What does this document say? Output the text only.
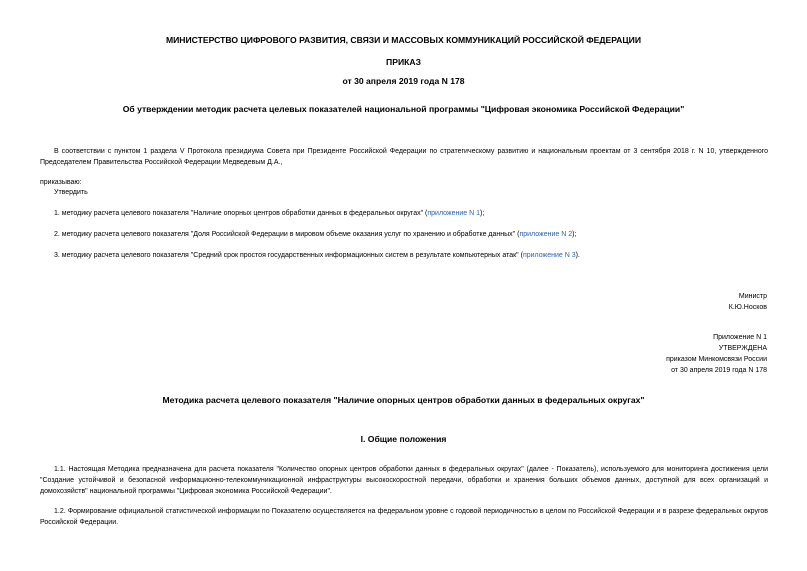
МИНИСТЕРСТВО ЦИФРОВОГО РАЗВИТИЯ, СВЯЗИ И МАССОВЫХ КОММУНИКАЦИЙ РОССИЙСКОЙ ФЕДЕРАЦИИ
ПРИКАЗ
от 30 апреля 2019 года N 178
Об утверждении методик расчета целевых показателей национальной программы "Цифровая экономика Российской Федерации"
В соответствии с пунктом 1 раздела V Протокола президиума Совета при Президенте Российской Федерации по стратегическому развитию и национальным проектам от 3 сентября 2018 г. N 10, утвержденного Председателем Правительства Российской Федерации Медведевым Д.А.,
приказываю:
Утвердить
1. методику расчета целевого показателя "Наличие опорных центров обработки данных в федеральных округах" (приложение N 1);
2. методику расчета целевого показателя "Доля Российской Федерации в мировом объеме оказания услуг по хранению и обработке данных" (приложение N 2);
3. методику расчета целевого показателя "Средний срок простоя государственных информационных систем в результате компьютерных атак" (приложение N 3).
Министр
К.Ю.Носков
Приложение N 1
УТВЕРЖДЕНА
приказом Минкомсвязи России
от 30 апреля 2019 года N 178
Методика расчета целевого показателя "Наличие опорных центров обработки данных в федеральных округах"
I. Общие положения
1.1. Настоящая Методика предназначена для расчета показателя "Количество опорных центров обработки данных в федеральных округах" (далее - Показатель), используемого для мониторинга достижения цели "Создание устойчивой и безопасной информационно-телекоммуникационной инфраструктуры высокоскоростной передачи, обработки и хранения больших объемов данных, доступной для всех организаций и домохозяйств" национальной программы "Цифровая экономика Российской Федерации".
1.2. Формирование официальной статистической информации по Показателю осуществляется на федеральном уровне с годовой периодичностью в целом по Российской Федерации и в разрезе федеральных округов Российской Федерации.
